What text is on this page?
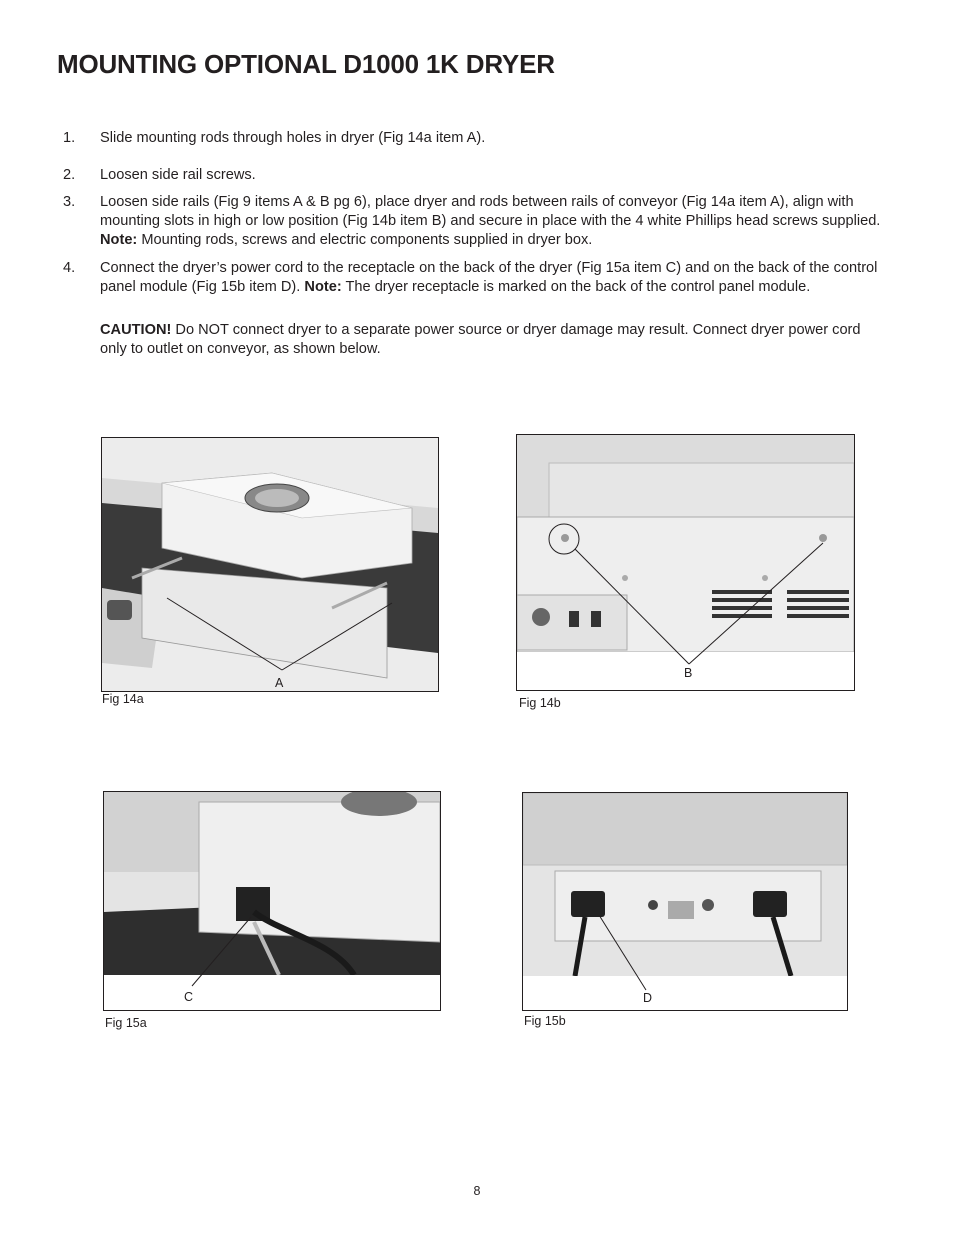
MOUNTING OPTIONAL D1000 1K DRYER
1. Slide mounting rods through holes in dryer (Fig 14a item A).

2. Loosen side rail screws.

3. Loosen side rails (Fig 9 items A & B pg 6), place dryer and rods between rails of conveyor (Fig 14a item A), align with mounting slots in high or low position (Fig 14b item B) and secure in place with the 4 white Phillips head screws supplied. Note: Mounting rods, screws and electric components supplied in dryer box.

4. Connect the dryer’s power cord to the receptacle on the back of the dryer (Fig 15a item C) and on the back of the control panel module (Fig 15b item D). Note: The dryer receptacle is marked on the back of the control panel module.

CAUTION! Do NOT connect dryer to a separate power source or dryer damage may result. Connect dryer power cord only to outlet on conveyor, as shown below.

A
Fig 14a
B
Fig 14b
C
Fig 15a
D
Fig 15b
8
